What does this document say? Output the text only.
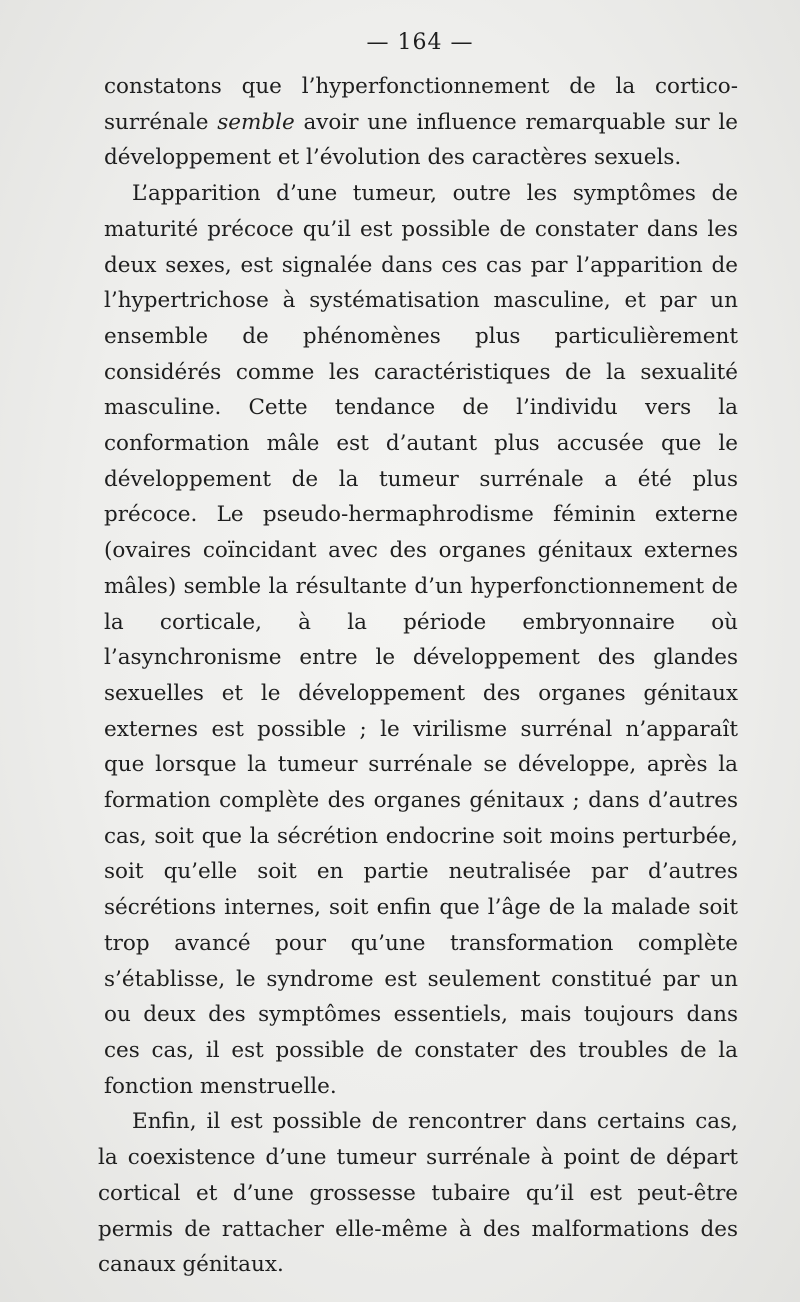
— 164 —

constatons que l’hyperfonctionnement de la cortico-surrénale semble avoir une influence remarquable sur le développement et l’évolution des caractères sexuels.

L’apparition d’une tumeur, outre les symptômes de maturité précoce qu’il est possible de constater dans les deux sexes, est signalée dans ces cas par l’apparition de l’hypertrichose à systématisation masculine, et par un ensemble de phénomènes plus particulièrement considérés comme les caractéristiques de la sexualité masculine. Cette tendance de l’individu vers la conformation mâle est d’autant plus accusée que le développement de la tumeur surrénale a été plus précoce. Le pseudo-hermaphrodisme féminin externe (ovaires coïncidant avec des organes génitaux externes mâles) semble la résultante d’un hyperfonctionnement de la corticale, à la période embryonnaire où l’asynchronisme entre le développement des glandes sexuelles et le développement des organes génitaux externes est possible ; le virilisme surrénal n’apparaît que lorsque la tumeur surrénale se développe, après la formation complète des organes génitaux ; dans d’autres cas, soit que la sécrétion endocrine soit moins perturbée, soit qu’elle soit en partie neutralisée par d’autres sécrétions internes, soit enfin que l’âge de la malade soit trop avancé pour qu’une transformation complète s’établisse, le syndrome est seulement constitué par un ou deux des symptômes essentiels, mais toujours dans ces cas, il est possible de constater des troubles de la fonction menstruelle.

Enfin, il est possible de rencontrer dans certains cas, la coexistence d’une tumeur surrénale à point de départ cortical et d’une grossesse tubaire qu’il est peut-être permis de rattacher elle-même à des malformations des canaux génitaux.
